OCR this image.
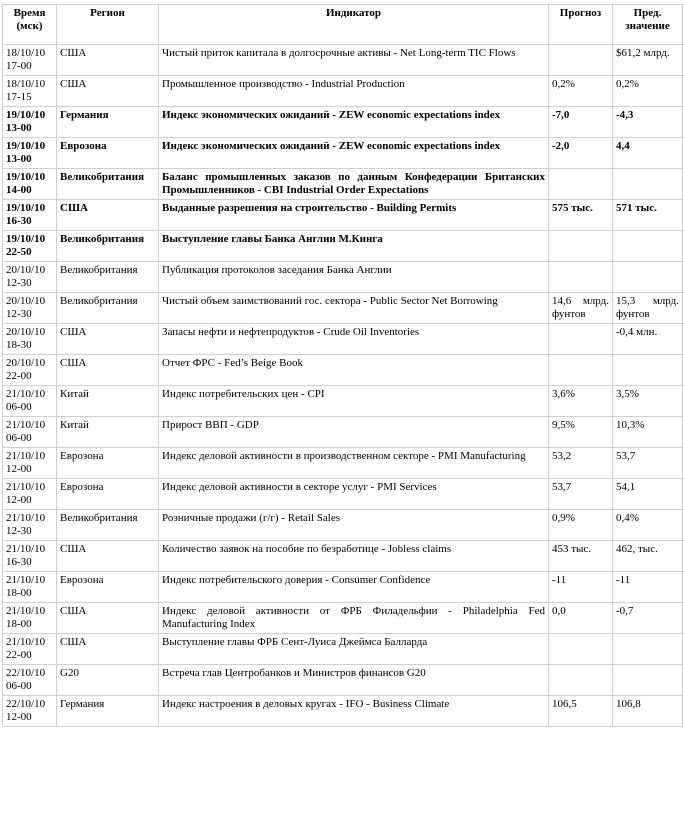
Время (мск)	Регион	Индикатор	Прогноз	Пред. значение
18/10/10 17-00	США	Чистый приток капитала в долгосрочные активы - Net Long-term TIC Flows		$61,2 млрд.
18/10/10 17-15	США	Промышленное производство - Industrial Production	0,2%	0,2%
19/10/10 13-00	Германия	Индекс экономических ожиданий - ZEW economic expectations index	-7,0	-4,3
19/10/10 13-00	Еврозона	Индекс экономических ожиданий - ZEW economic expectations index	-2,0	4,4
19/10/10 14-00	Великобритания	Баланс промышленных заказов по данным Конфедерации Британских Промышленников - CBI Industrial Order Expectations		
19/10/10 16-30	США	Выданные разрешения на строительство - Building Permits	575 тыс.	571 тыс.
19/10/10 22-50	Великобритания	Выступление главы Банка Англии М.Кинга		
20/10/10 12-30	Великобритания	Публикация протоколов заседания Банка Англии		
20/10/10 12-30	Великобритания	Чистый объем заимствований гос. сектора - Public Sector Net Borrowing	14,6 млрд. фунтов	15,3 млрд. фунтов
20/10/10 18-30	США	Запасы нефти и нефтепродуктов - Crude Oil Inventories		-0,4 млн.
20/10/10 22-00	США	Отчет ФРС - Fed’s Beige Book		
21/10/10 06-00	Китай	Индекс потребительских цен - CPI	3,6%	3,5%
21/10/10 06-00	Китай	Прирост ВВП - GDP	9,5%	10,3%
21/10/10 12-00	Еврозона	Индекс деловой активности в производственном секторе - PMI Manufacturing	53,2	53,7
21/10/10 12-00	Еврозона	Индекс деловой активности в секторе услуг - PMI Services	53,7	54,1
21/10/10 12-30	Великобритания	Розничные продажи (г/г) - Retail Sales	0,9%	0,4%
21/10/10 16-30	США	Количество заявок на пособие по безработице - Jobless claims	453 тыс.	462, тыс.
21/10/10 18-00	Еврозона	Индекс потребительского доверия - Consumer Confidence	-11	-11
21/10/10 18-00	США	Индекс деловой активности от ФРБ Филадельфии - Philadelphia Fed Manufacturing Index	0,0	-0,7
21/10/10 22-00	США	Выступление главы ФРБ Сент-Луиса Джеймса Балларда		
22/10/10 06-00	G20	Встреча глав Центробанков и Министров финансов G20		
22/10/10 12-00	Германия	Индекс настроения в деловых кругах - IFO - Business Climate	106,5	106,8
